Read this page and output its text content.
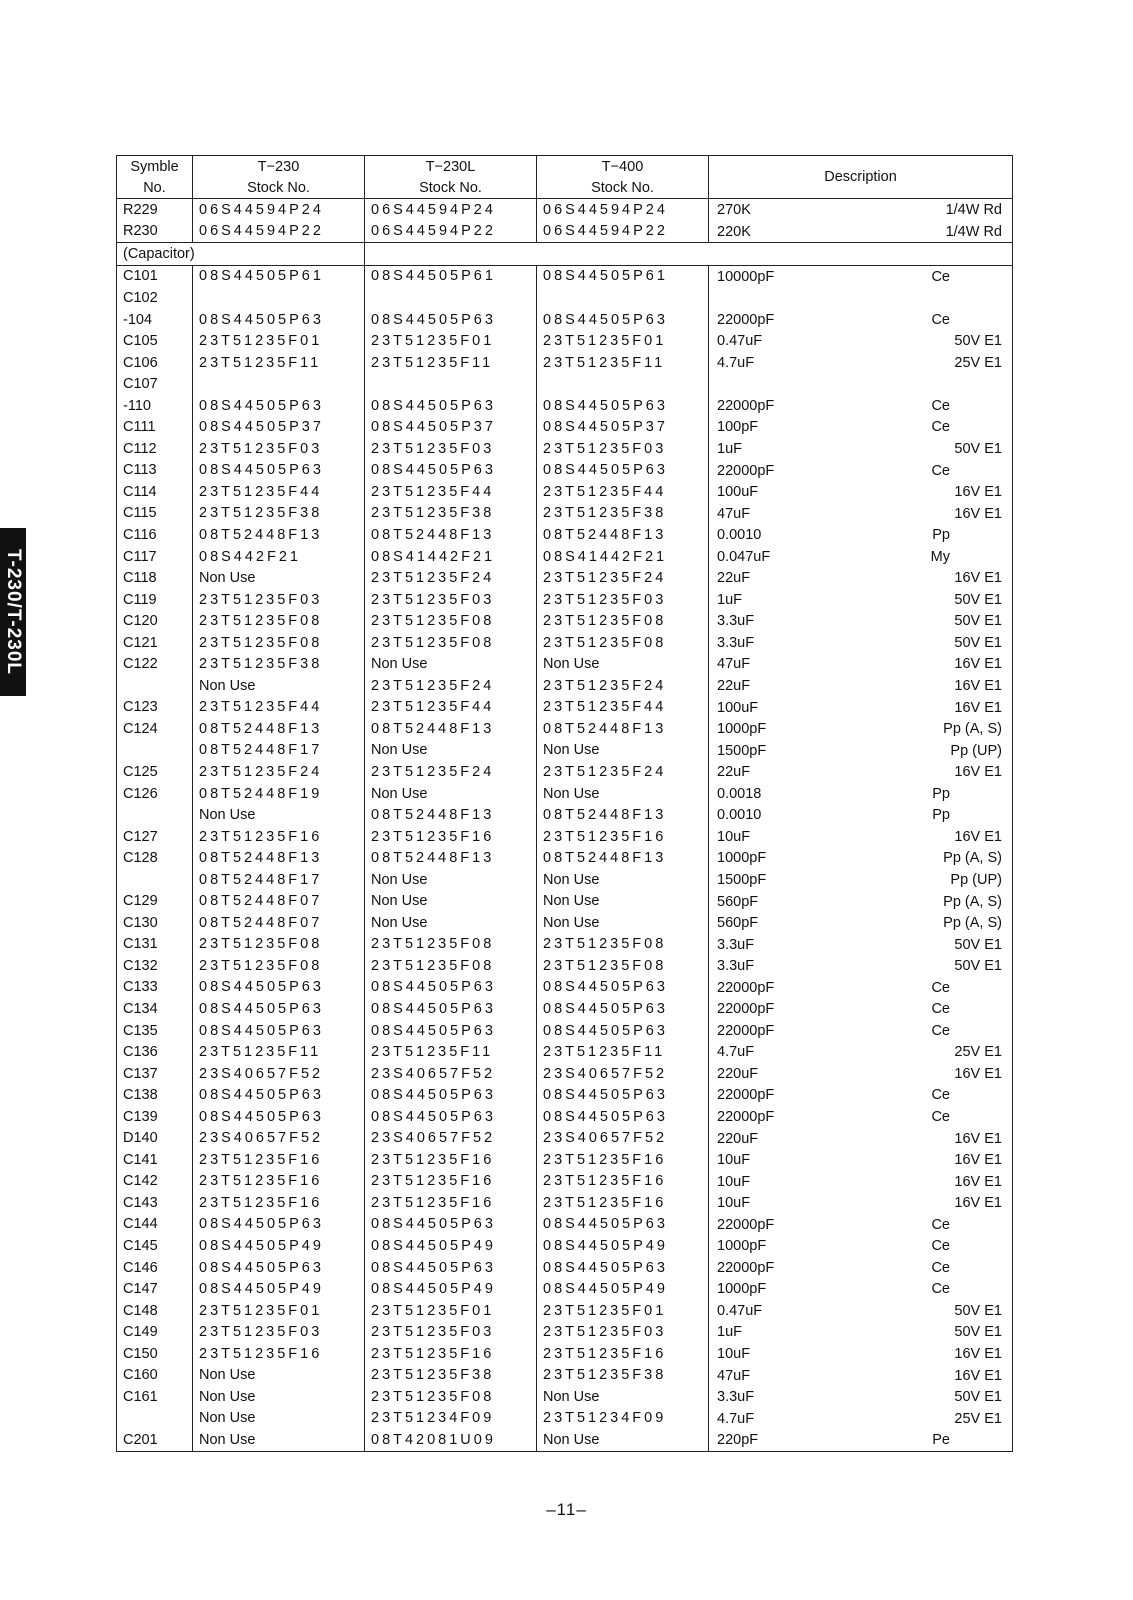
T-230/T-230L
Symble	T−230	T−230L	T−400	Description
No.	Stock No.	Stock No.	Stock No.	
R229	06S44594P24	06S44594P24	06S44594P24	270K 1/4W Rd

R230	06S44594P22	06S44594P22	06S44594P22	220K 1/4W Rd

(Capacitor)				
C101	08S44505P61	08S44505P61	08S44505P61	10000pF Ce

C102				

-104	08S44505P63	08S44505P63	08S44505P63	22000pF Ce

C105	23T51235F01	23T51235F01	23T51235F01	0.47uF 50V E1

C106	23T51235F11	23T51235F11	23T51235F11	4.7uF 25V E1

C107				

-110	08S44505P63	08S44505P63	08S44505P63	22000pF Ce

C111	08S44505P37	08S44505P37	08S44505P37	100pF Ce

C112	23T51235F03	23T51235F03	23T51235F03	1uF 50V E1

C113	08S44505P63	08S44505P63	08S44505P63	22000pF Ce

C114	23T51235F44	23T51235F44	23T51235F44	100uF 16V E1

C115	23T51235F38	23T51235F38	23T51235F38	47uF 16V E1

C116	08T52448F13	08T52448F13	08T52448F13	0.0010 Pp

C117	08S442F21	08S41442F21	08S41442F21	0.047uF My

C118	Non Use	23T51235F24	23T51235F24	22uF 16V E1

C119	23T51235F03	23T51235F03	23T51235F03	1uF 50V E1

C120	23T51235F08	23T51235F08	23T51235F08	3.3uF 50V E1

C121	23T51235F08	23T51235F08	23T51235F08	3.3uF 50V E1

C122	23T51235F38	Non Use	Non Use	47uF 16V E1

	Non Use	23T51235F24	23T51235F24	22uF 16V E1

C123	23T51235F44	23T51235F44	23T51235F44	100uF 16V E1

C124	08T52448F13	08T52448F13	08T52448F13	1000pF Pp (A, S)

	08T52448F17	Non Use	Non Use	1500pF Pp (UP)

C125	23T51235F24	23T51235F24	23T51235F24	22uF 16V E1

C126	08T52448F19	Non Use	Non Use	0.0018 Pp

	Non Use	08T52448F13	08T52448F13	0.0010 Pp

C127	23T51235F16	23T51235F16	23T51235F16	10uF 16V E1

C128	08T52448F13	08T52448F13	08T52448F13	1000pF Pp (A, S)

	08T52448F17	Non Use	Non Use	1500pF Pp (UP)

C129	08T52448F07	Non Use	Non Use	560pF Pp (A, S)

C130	08T52448F07	Non Use	Non Use	560pF Pp (A, S)

C131	23T51235F08	23T51235F08	23T51235F08	3.3uF 50V E1

C132	23T51235F08	23T51235F08	23T51235F08	3.3uF 50V E1

C133	08S44505P63	08S44505P63	08S44505P63	22000pF Ce

C134	08S44505P63	08S44505P63	08S44505P63	22000pF Ce

C135	08S44505P63	08S44505P63	08S44505P63	22000pF Ce

C136	23T51235F11	23T51235F11	23T51235F11	4.7uF 25V E1

C137	23S40657F52	23S40657F52	23S40657F52	220uF 16V E1

C138	08S44505P63	08S44505P63	08S44505P63	22000pF Ce

C139	08S44505P63	08S44505P63	08S44505P63	22000pF Ce

D140	23S40657F52	23S40657F52	23S40657F52	220uF 16V E1

C141	23T51235F16	23T51235F16	23T51235F16	10uF 16V E1

C142	23T51235F16	23T51235F16	23T51235F16	10uF 16V E1

C143	23T51235F16	23T51235F16	23T51235F16	10uF 16V E1

C144	08S44505P63	08S44505P63	08S44505P63	22000pF Ce

C145	08S44505P49	08S44505P49	08S44505P49	1000pF Ce

C146	08S44505P63	08S44505P63	08S44505P63	22000pF Ce

C147	08S44505P49	08S44505P49	08S44505P49	1000pF Ce

C148	23T51235F01	23T51235F01	23T51235F01	0.47uF 50V E1

C149	23T51235F03	23T51235F03	23T51235F03	1uF 50V E1

C150	23T51235F16	23T51235F16	23T51235F16	10uF 16V E1

C160	Non Use	23T51235F38	23T51235F38	47uF 16V E1

C161	Non Use	23T51235F08	Non Use	3.3uF 50V E1

	Non Use	23T51234F09	23T51234F09	4.7uF 25V E1

C201	Non Use	08T42081U09	Non Use	220pF Pe
–11–
